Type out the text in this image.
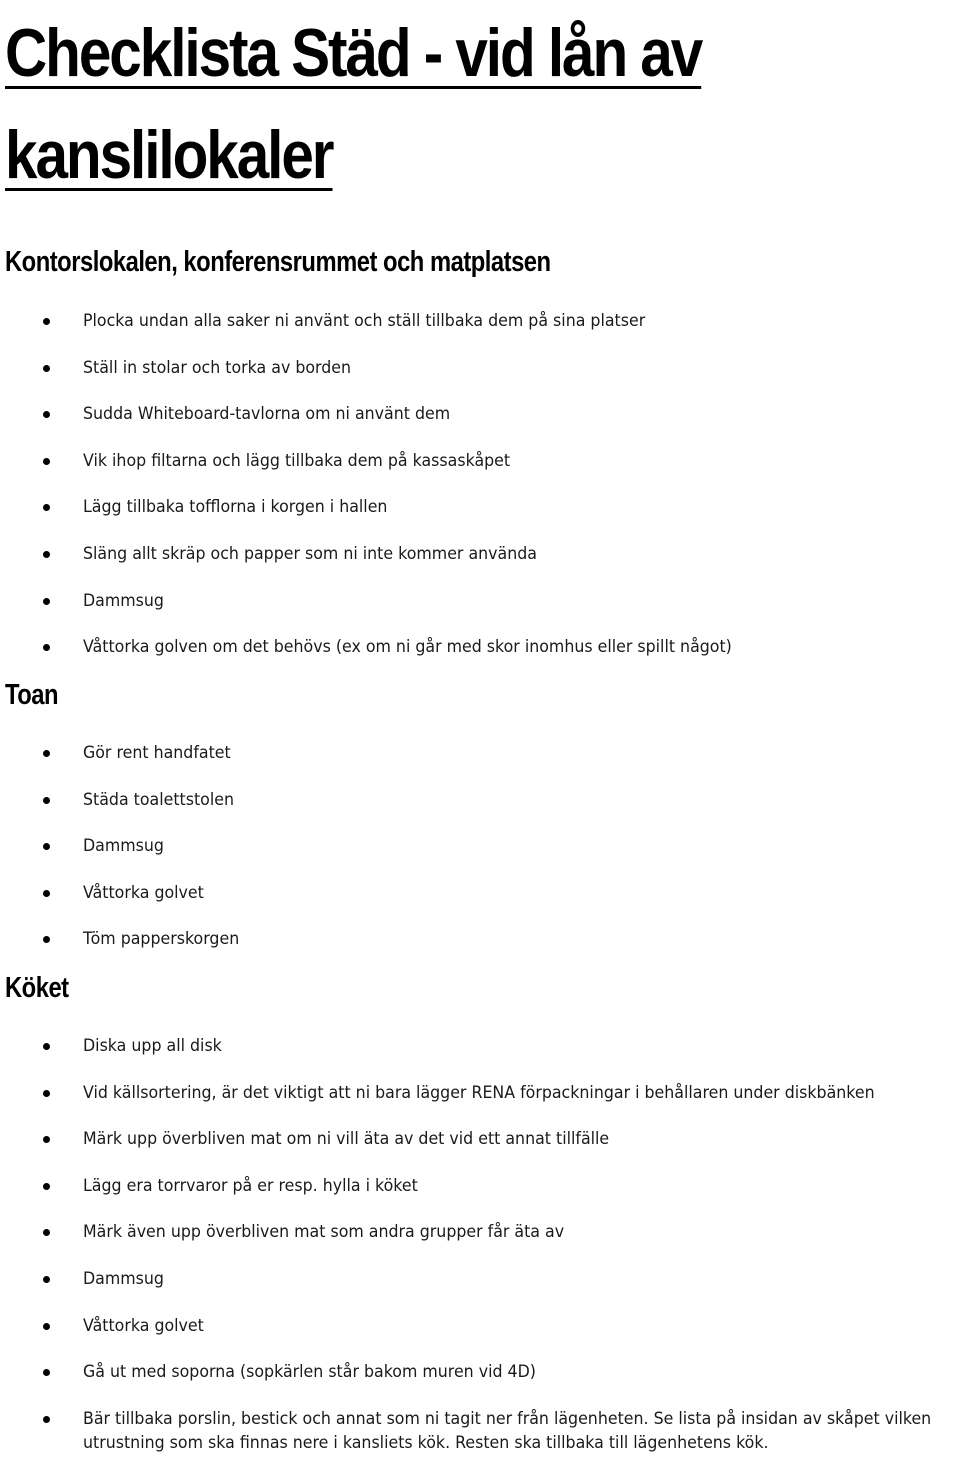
Checklista Städ - vid lån av
kanslilokaler
Kontorslokalen, konferensrummet och matplatsen
Plocka undan alla saker ni använt och ställ tillbaka dem på sina platser
Ställ in stolar och torka av borden
Sudda Whiteboard-tavlorna om ni använt dem
Vik ihop filtarna och lägg tillbaka dem på kassaskåpet
Lägg tillbaka tofflorna i korgen i hallen
Släng allt skräp och papper som ni inte kommer använda
Dammsug
Våttorka golven om det behövs (ex om ni går med skor inomhus eller spillt något)
Toan
Gör rent handfatet
Städa toalettstolen
Dammsug
Våttorka golvet
Töm papperskorgen
Köket
Diska upp all disk
Vid källsortering, är det viktigt att ni bara lägger RENA förpackningar i behållaren under diskbänken
Märk upp överbliven mat om ni vill äta av det vid ett annat tillfälle
Lägg era torrvaror på er resp. hylla i köket
Märk även upp överbliven mat som andra grupper får äta av
Dammsug
Våttorka golvet
Gå ut med soporna (sopkärlen står bakom muren vid 4D)
Bär tillbaka porslin, bestick och annat som ni tagit ner från lägenheten. Se lista på insidan av skåpet vilken utrustning som ska finnas nere i kansliets kök. Resten ska tillbaka till lägenhetens kök.
